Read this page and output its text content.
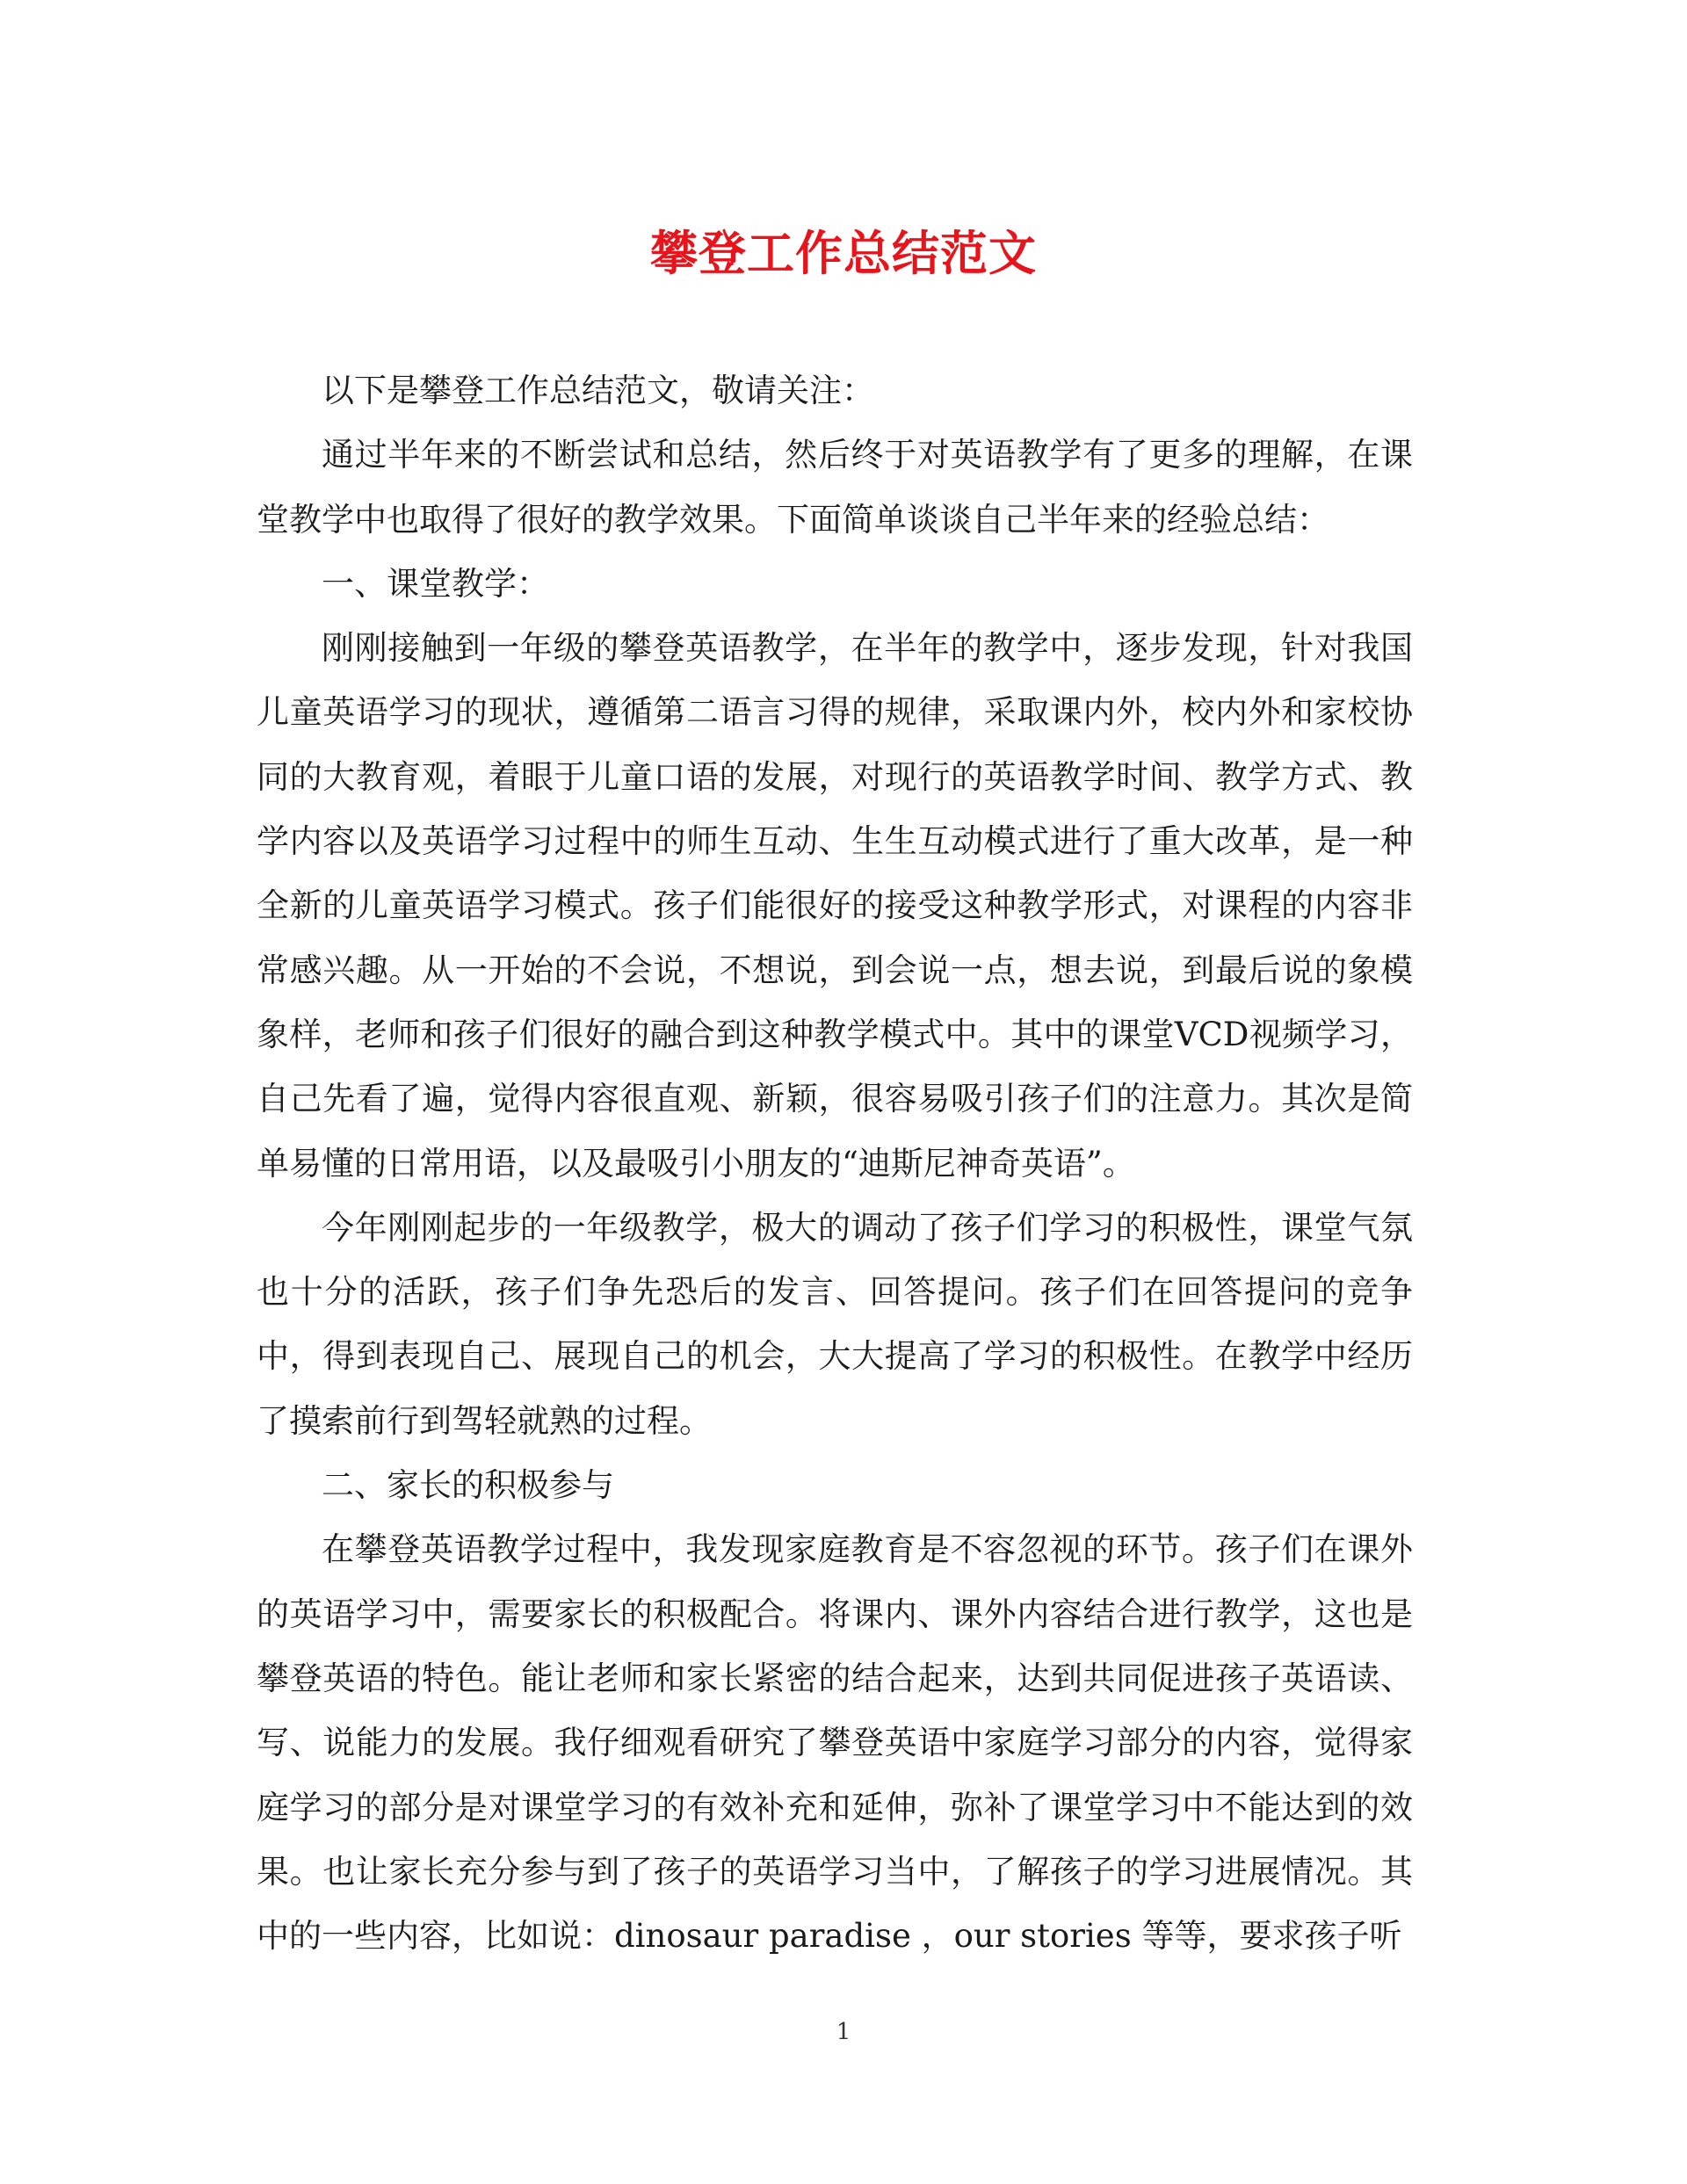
攀登工作总结范文

以下是攀登工作总结范文，敬请关注：

通过半年来的不断尝试和总结，然后终于对英语教学有了更多的理解，在课堂教学中也取得了很好的教学效果。下面简单谈谈自己半年来的经验总结：

一、课堂教学：

刚刚接触到一年级的攀登英语教学，在半年的教学中，逐步发现，针对我国儿童英语学习的现状，遵循第二语言习得的规律，采取课内外，校内外和家校协同的大教育观，着眼于儿童口语的发展，对现行的英语教学时间、教学方式、教学内容以及英语学习过程中的师生互动、生生互动模式进行了重大改革，是一种全新的儿童英语学习模式。孩子们能很好的接受这种教学形式，对课程的内容非常感兴趣。从一开始的不会说，不想说，到会说一点，想去说，到最后说的象模象样，老师和孩子们很好的融合到这种教学模式中。其中的课堂VCD视频学习，自己先看了遍，觉得内容很直观、新颖，很容易吸引孩子们的注意力。其次是简单易懂的日常用语，以及最吸引小朋友的“迪斯尼神奇英语”。

今年刚刚起步的一年级教学，极大的调动了孩子们学习的积极性，课堂气氛也十分的活跃，孩子们争先恐后的发言、回答提问。孩子们在回答提问的竞争中，得到表现自己、展现自己的机会，大大提高了学习的积极性。在教学中经历了摸索前行到驾轻就熟的过程。

二、家长的积极参与

在攀登英语教学过程中，我发现家庭教育是不容忽视的环节。孩子们在课外的英语学习中，需要家长的积极配合。将课内、课外内容结合进行教学，这也是攀登英语的特色。能让老师和家长紧密的结合起来，达到共同促进孩子英语读、写、说能力的发展。我仔细观看研究了攀登英语中家庭学习部分的内容，觉得家庭学习的部分是对课堂学习的有效补充和延伸，弥补了课堂学习中不能达到的效果。也让家长充分参与到了孩子的英语学习当中，了解孩子的学习进展情况。其中的一些内容，比如说：dinosaur paradise ，our stories 等等，要求孩子听

1
